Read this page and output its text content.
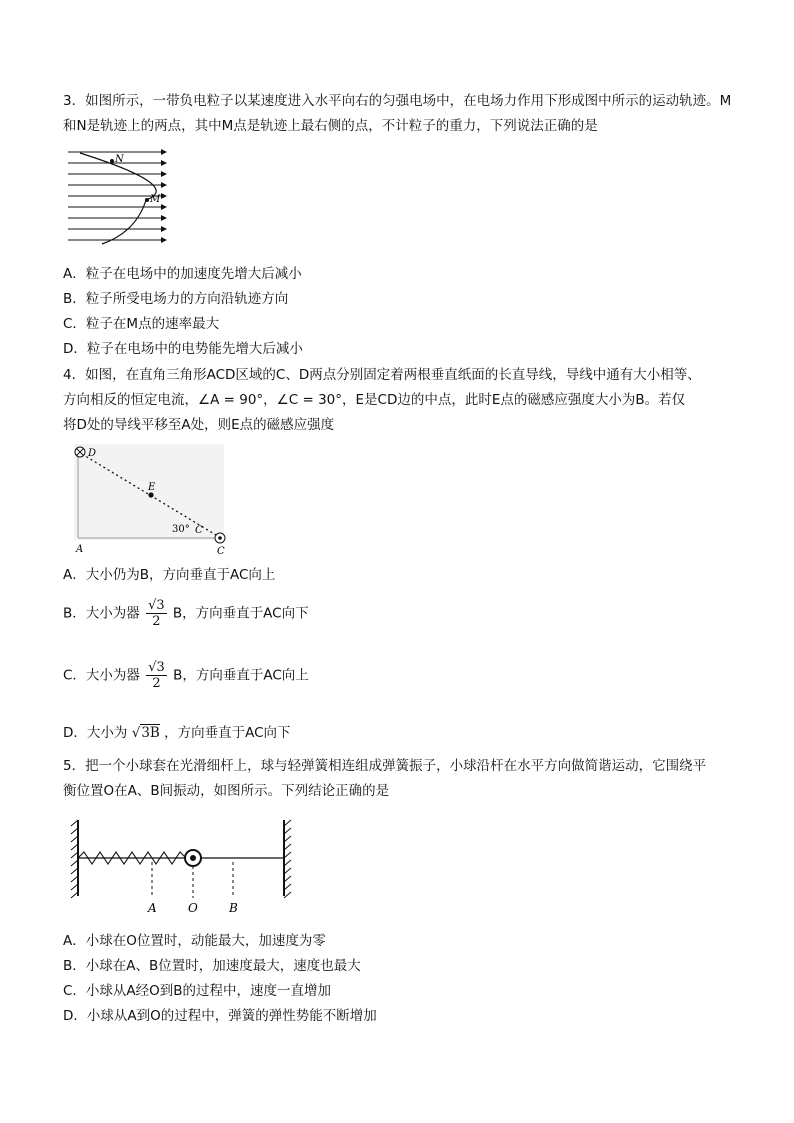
3．如图所示，一带负电粒子以某速度进入水平向右的匀强电场中，在电场力作用下形成图中所示的运动轨迹。M
和N是轨迹上的两点，其中M点是轨迹上最右侧的点，不计粒子的重力，下列说法正确的是
N
M
A．粒子在电场中的加速度先增大后减小
B．粒子所受电场力的方向沿轨迹方向
C．粒子在M点的速率最大
D．粒子在电场中的电势能先增大后减小
4．如图，在直角三角形ACD区域的C、D两点分别固定着两根垂直纸面的长直导线，导线中通有大小相等、
方向相反的恒定电流，∠A = 90°，∠C = 30°，E是CD边的中点，此时E点的磁感应强度大小为B。若仅
将D处的导线平移至A处，则E点的磁感应强度
D
E
30° C
A	C
A．大小仍为B，方向垂直于AC向上
B．大小为器 $\frac{√3}{2}$ B，方向垂直于AC向下
C．大小为器 $\frac{√3}{2}$ B，方向垂直于AC向上
D．大小为 √3B ，方向垂直于AC向下
5．把一个小球套在光滑细杆上，球与轻弹簧相连组成弹簧振子，小球沿杆在水平方向做简谐运动，它围绕平
衡位置O在A、B间振动，如图所示。下列结论正确的是
A	O	B
A．小球在O位置时，动能最大，加速度为零
B．小球在A、B位置时，加速度最大，速度也最大
C．小球从A经O到B的过程中，速度一直增加
D．小球从A到O的过程中，弹簧的弹性势能不断增加
